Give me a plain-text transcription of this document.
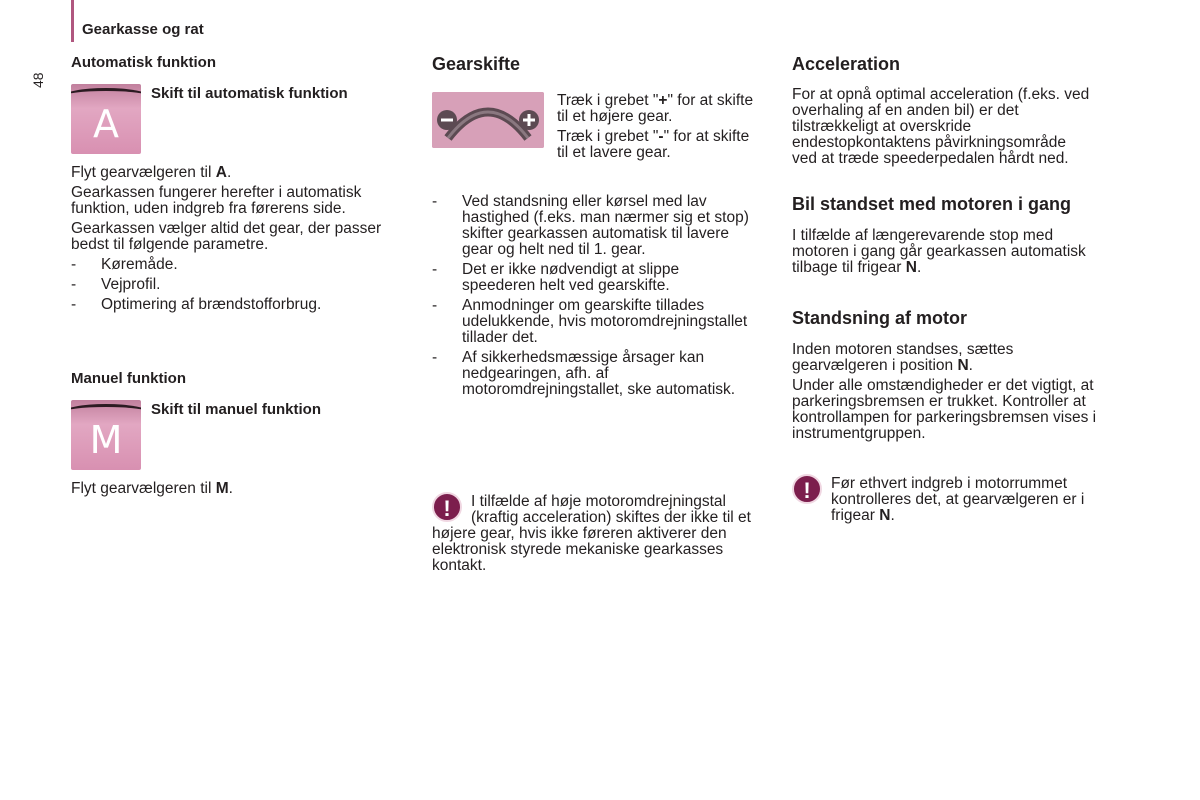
Gearkasse og rat
48
Automatisk funktion
A
Skift til automatisk funktion

Flyt gearvælgeren til A.

Gearkassen fungerer herefter i automatisk funktion, uden indgreb fra førerens side.

Gearkassen vælger altid det gear, der passer bedst til følgende parametre.

- Køremåde.
- Vejprofil.
- Optimering af brændstofforbrug.
Manuel funktion
M
Skift til manuel funktion

Flyt gearvælgeren til M.

Gearskifte

Træk i grebet "+" for at skifte til et højere gear.

Træk i grebet "-" for at skifte til et lavere gear.

- Ved standsning eller kørsel med lav hastighed (f.eks. man nærmer sig et stop) skifter gearkassen automatisk til lavere gear og helt ned til 1. gear.
- Det er ikke nødvendigt at slippe speederen helt ved gearskifte.
- Anmodninger om gearskifte tillades udelukkende, hvis motoromdrejningstallet tillader det.
- Af sikkerhedsmæssige årsager kan nedgearingen, afh. af motoromdrejningstallet, ske automatisk.
!	I tilfælde af høje motoromdrejningstal (kraftig acceleration) skiftes der ikke til et
højere gear, hvis ikke føreren aktiverer den elektronisk styrede mekaniske gearkasses kontakt.
Acceleration

For at opnå optimal acceleration (f.eks. ved overhaling af en anden bil) er det tilstrækkeligt at overskride endestopkontaktens påvirkningsområde ved at træde speederpedalen hårdt ned.

Bil standset med motoren i gang

I tilfælde af længerevarende stop med motoren i gang går gearkassen automatisk tilbage til frigear N.

Standsning af motor

Inden motoren standses, sættes gearvælgeren i position N.

Under alle omstændigheder er det vigtigt, at parkeringsbremsen er trukket. Kontroller at kontrollampen for parkeringsbremsen vises i instrumentgruppen.

!	Før ethvert indgreb i motorrummet kontrolleres det, at gearvælgeren er i frigear N.
